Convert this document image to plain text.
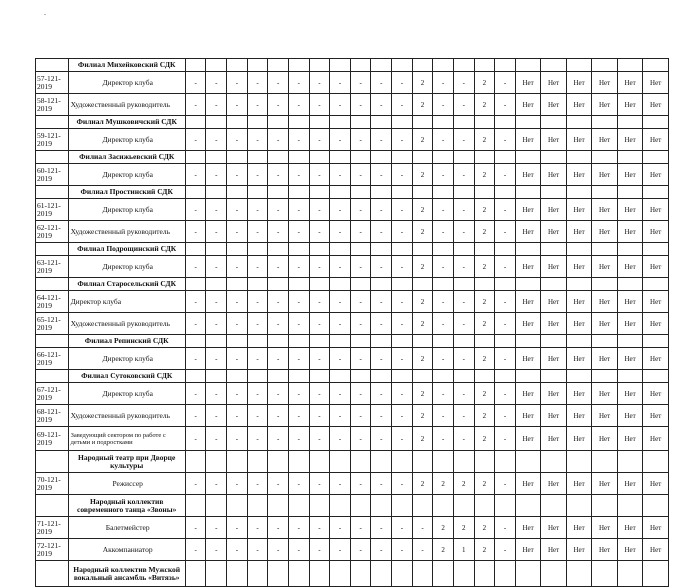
.
	Филиал Михейковский СДК																						
57-121-2019	Директор клуба	-	-	-	-	-	-	-	-	-	-	-	2	-	-	2	-	Нет	Нет	Нет	Нет	Нет	Нет
58-121-2019	Художественный руководитель	-	-	-	-	-	-	-	-	-	-	-	2	-	-	2	-	Нет	Нет	Нет	Нет	Нет	Нет
	Филиал Мушковичский СДК																						
59-121-2019	Директор клуба	-	-	-	-	-	-	-	-	-	-	-	2	-	-	2	-	Нет	Нет	Нет	Нет	Нет	Нет
	Филиал Засижьевский СДК																						
60-121-2019	Директор клуба	-	-	-	-	-	-	-	-	-	-	-	2	-	-	2	-	Нет	Нет	Нет	Нет	Нет	Нет
	Филиал Простинский СДК																						
61-121-2019	Директор клуба	-	-	-	-	-	-	-	-	-	-	-	2	-	-	2	-	Нет	Нет	Нет	Нет	Нет	Нет
62-121-2019	Художественный руководитель	-	-	-	-	-	-	-	-	-	-	-	2	-	-	2	-	Нет	Нет	Нет	Нет	Нет	Нет
	Филиал Подрощинский СДК																						
63-121-2019	Директор клуба	-	-	-	-	-	-	-	-	-	-	-	2	-	-	2	-	Нет	Нет	Нет	Нет	Нет	Нет
	Филиал Старосельский СДК																						
64-121-2019	Директор клуба	-	-	-	-	-	-	-	-	-	-	-	2	-	-	2	-	Нет	Нет	Нет	Нет	Нет	Нет
65-121-2019	Художественный руководитель	-	-	-	-	-	-	-	-	-	-	-	2	-	-	2	-	Нет	Нет	Нет	Нет	Нет	Нет
	Филиал Репинский СДК																						
66-121-2019	Директор клуба	-	-	-	-	-	-	-	-	-	-	-	2	-	-	2	-	Нет	Нет	Нет	Нет	Нет	Нет
	Филиал Сутоковский СДК																						
67-121-2019	Директор клуба	-	-	-	-	-	-	-	-	-	-	-	2	-	-	2	-	Нет	Нет	Нет	Нет	Нет	Нет
68-121-2019	Художественный руководитель	-	-	-	-	-	-	-	-	-	-	-	2	-	-	2	-	Нет	Нет	Нет	Нет	Нет	Нет
69-121-2019	Заведующий сектором по работе с детьми и подростками	-	-	-	-	-	-	-	-	-	-	-	2	-	-	2	-	Нет	Нет	Нет	Нет	Нет	Нет
	Народный театр при Дворце культуры																						
70-121-2019	Режиссер	-	-	-	-	-	-	-	-	-	-	-	2	2	2	2	-	Нет	Нет	Нет	Нет	Нет	Нет
	Народный коллектив современного танца «Звоны»																						
71-121-2019	Балетмейстер	-	-	-	-	-	-	-	-	-	-	-	-	2	2	2	-	Нет	Нет	Нет	Нет	Нет	Нет
72-121-2019	Аккомпаниатор	-	-	-	-	-	-	-	-	-	-	-	-	2	1	2	-	Нет	Нет	Нет	Нет	Нет	Нет
	Народный коллектив Мужской вокальный ансамбль «Витязь»																						
